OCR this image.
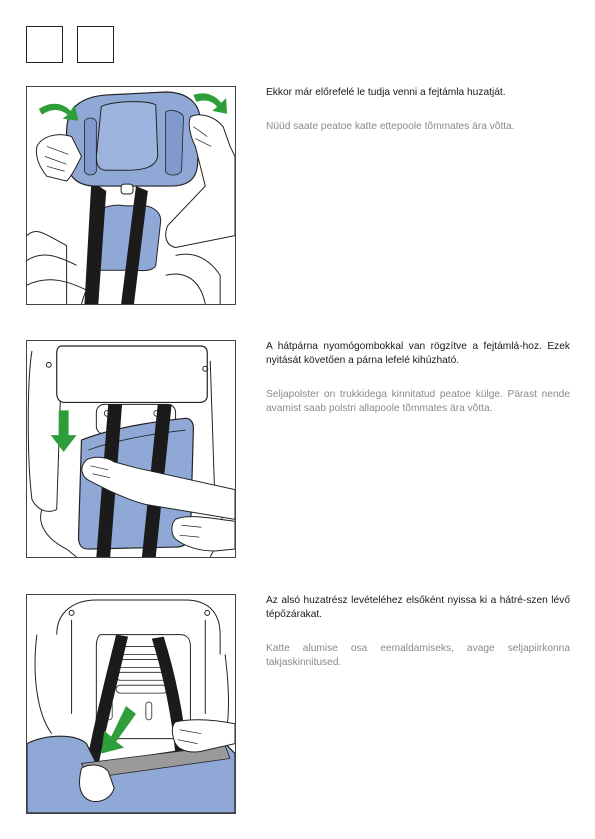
Ekkor már előrefelé le tudja venni a fejtámla huzatját.

Nüüd saate peatoe katte ettepoole tõmmates ära võtta.

A hátpárna nyomógombokkal van rögzítve a fejtámlá-hoz. Ezek nyitását követően a párna lefelé kihúzható.

Seljapolster on trukkidega kinnitatud peatoe külge. Pärast nende avamist saab polstri allapoole tõmmates ära võtta.

Az alsó huzatrész levételéhez elsőként nyissa ki a hátré-szen lévő tépőzárakat.

Katte alumise osa eemaldamiseks, avage seljapiirkonna takjaskinnitused.
